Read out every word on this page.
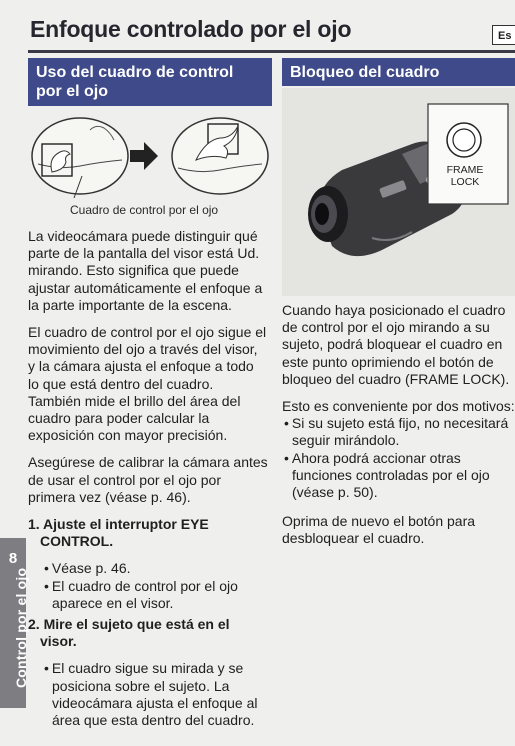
Enfoque controlado por el ojo	Es
Uso del cuadro de control
por el ojo
Bloqueo del cuadro
Cuadro de control por el ojo

La videocámara puede distinguir qué parte de la pantalla del visor está Ud. mirando. Esto significa que puede ajustar automáticamente el enfoque a la parte importante de la escena.

El cuadro de control por el ojo sigue el movimiento del ojo a través del visor, y la cámara ajusta el enfoque a todo lo que está dentro del cuadro. También mide el brillo del área del cuadro para poder calcular la exposición con mayor precisión.

Asegúrese de calibrar la cámara antes de usar el control por el ojo por primera vez (véase p. 46).

1. Ajuste el interruptor EYE CONTROL.

• Véase p. 46.
• El cuadro de control por el ojo aparece en el visor.

2. Mire el sujeto que está en el visor.

• El cuadro sigue su mirada y se posiciona sobre el sujeto. La videocámara ajusta el enfoque al área que esta dentro del cuadro.
FRAME
LOCK

Cuando haya posicionado el cuadro de control por el ojo mirando a su sujeto, podrá bloquear el cuadro en este punto oprimiendo el botón de bloqueo del cuadro (FRAME LOCK).

Esto es conveniente por dos motivos:

• Si su sujeto está fijo, no necesitará seguir mirándolo.
• Ahora podrá accionar otras funciones controladas por el ojo (véase p. 50).

Oprima de nuevo el botón para desbloquear el cuadro.

8
Control por el ojo
